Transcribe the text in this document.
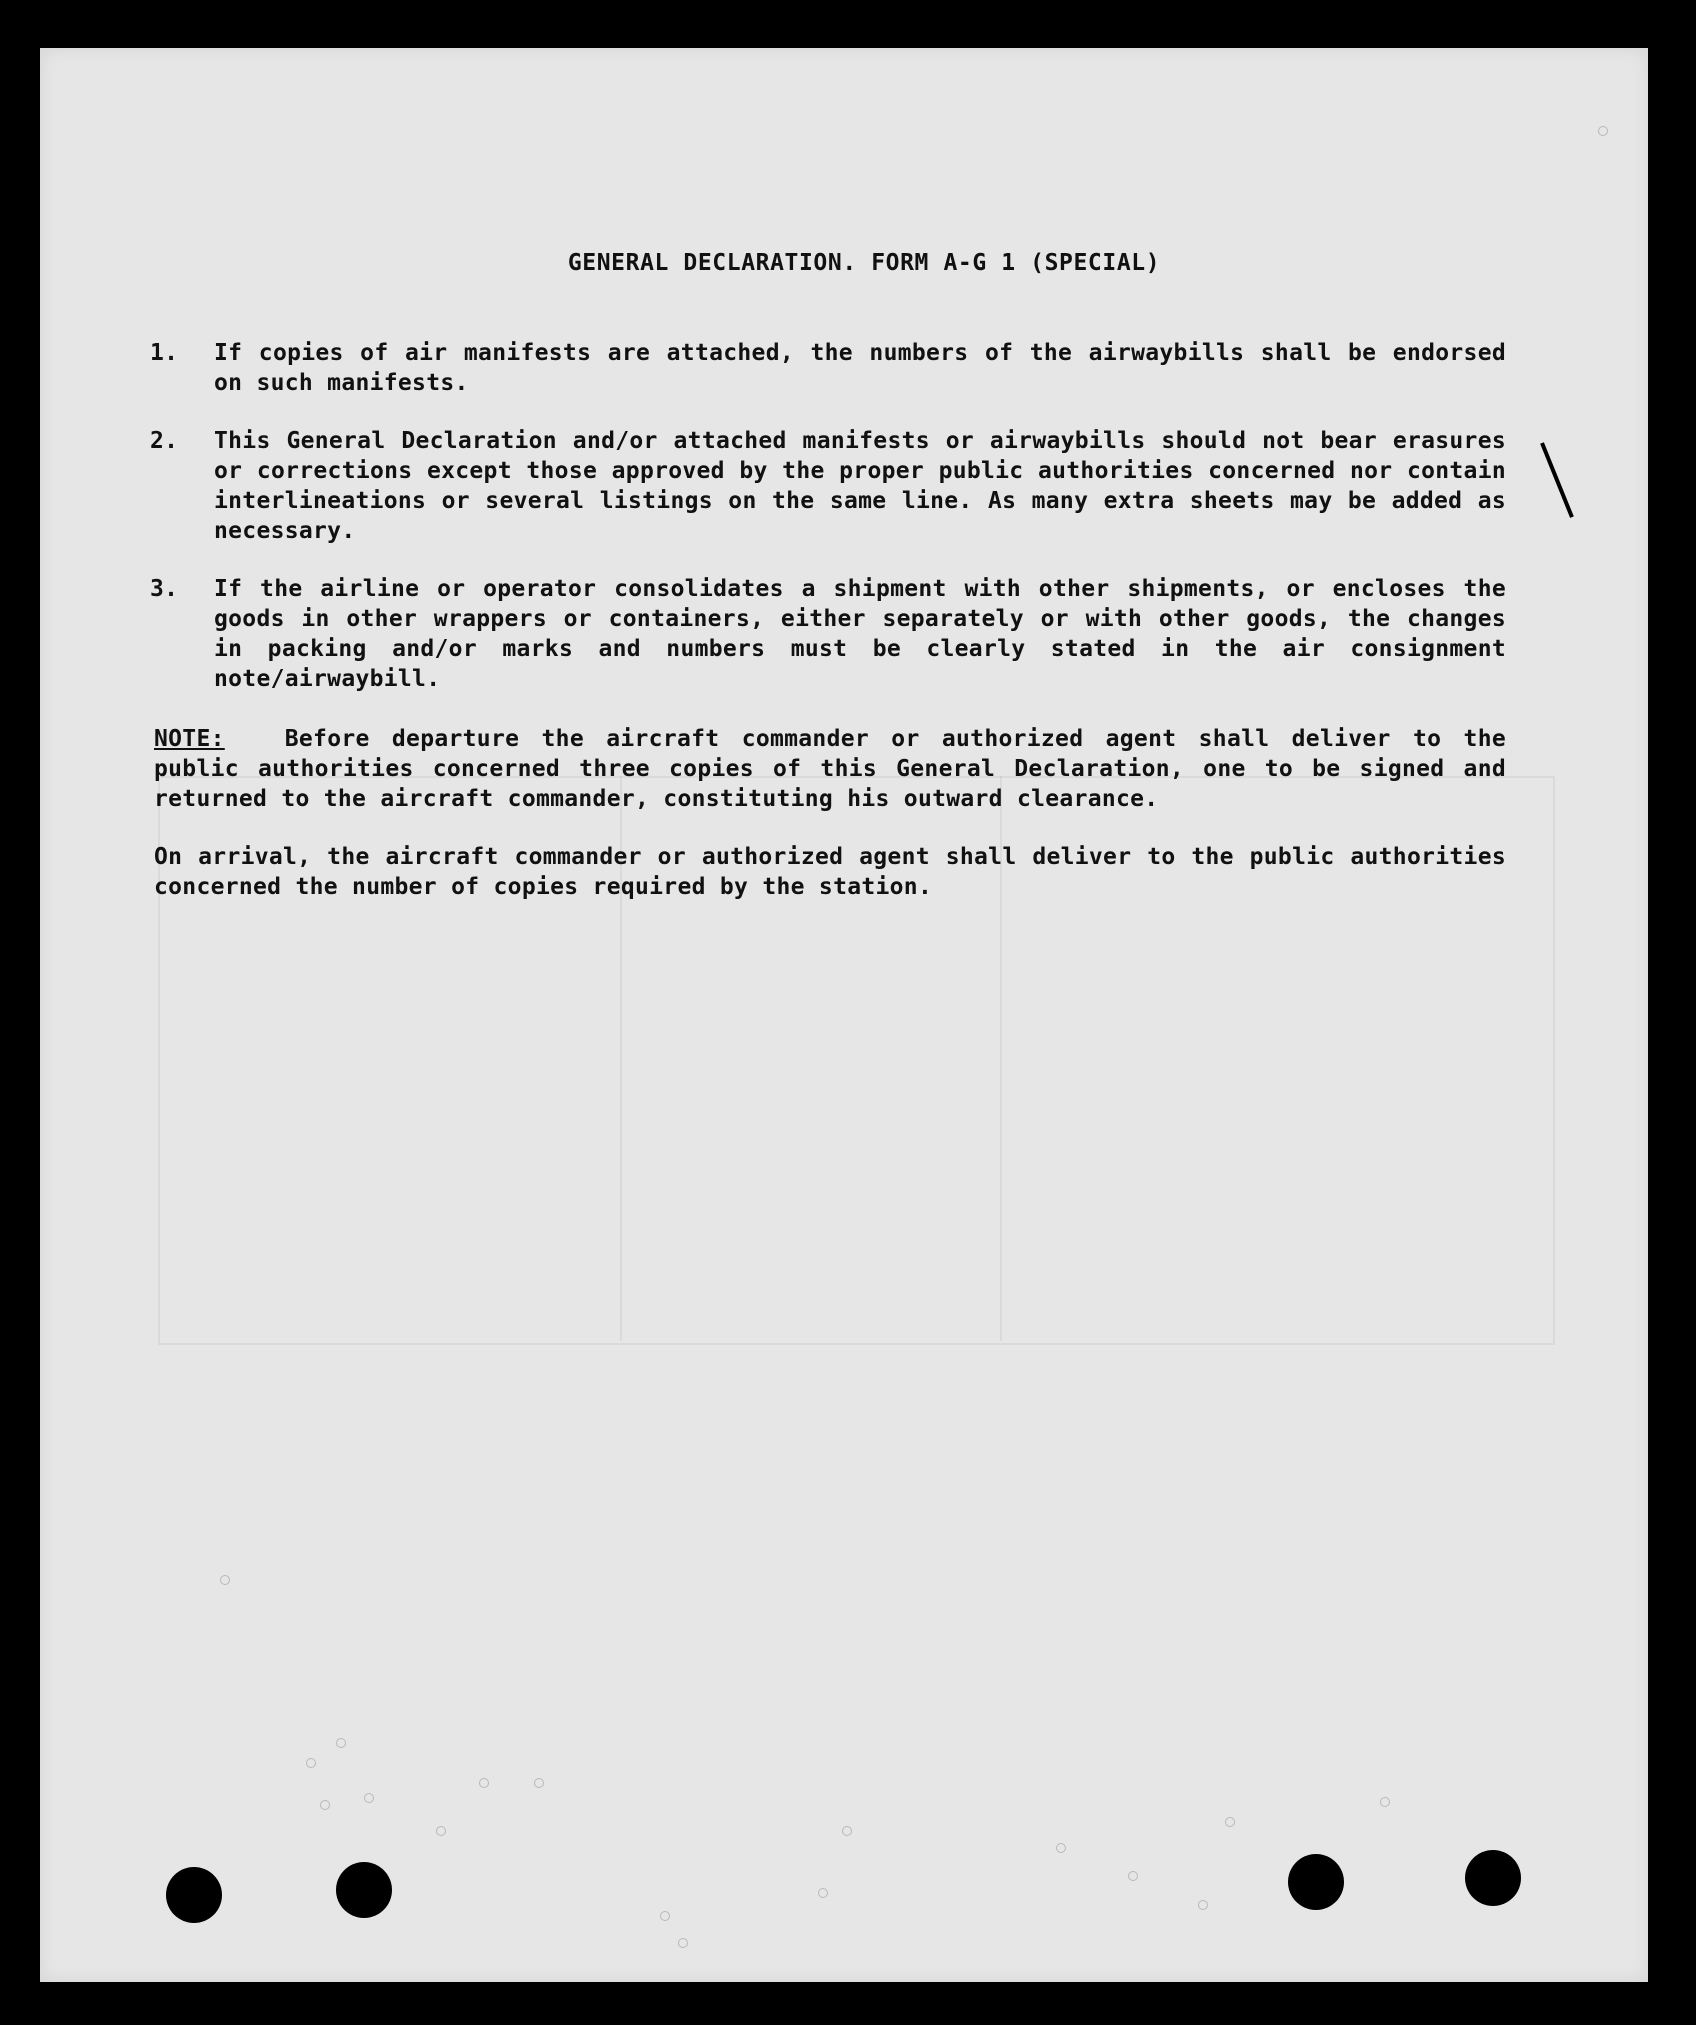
GENERAL DECLARATION. FORM A-G 1 (SPECIAL)
1.	If copies of air manifests are attached, the numbers of the airwaybills shall be endorsed on such manifests.
2.	This General Declaration and/or attached manifests or airwaybills should not bear erasures or corrections except those approved by the proper public authorities concerned nor contain interlineations or several listings on the same line. As many extra sheets may be added as necessary.
3.	If the airline or operator consolidates a shipment with other shipments, or encloses the goods in other wrappers or containers, either separately or with other goods, the changes in packing and/or marks and numbers must be clearly stated in the air consignment note/airwaybill.
NOTE:	Before departure the aircraft commander or authorized agent shall deliver to the public authorities concerned three copies of this General Declaration, one to be signed and returned to the aircraft commander, constituting his outward clearance.
On arrival, the aircraft commander or authorized agent shall deliver to the public authorities concerned the number of copies required by the station.
